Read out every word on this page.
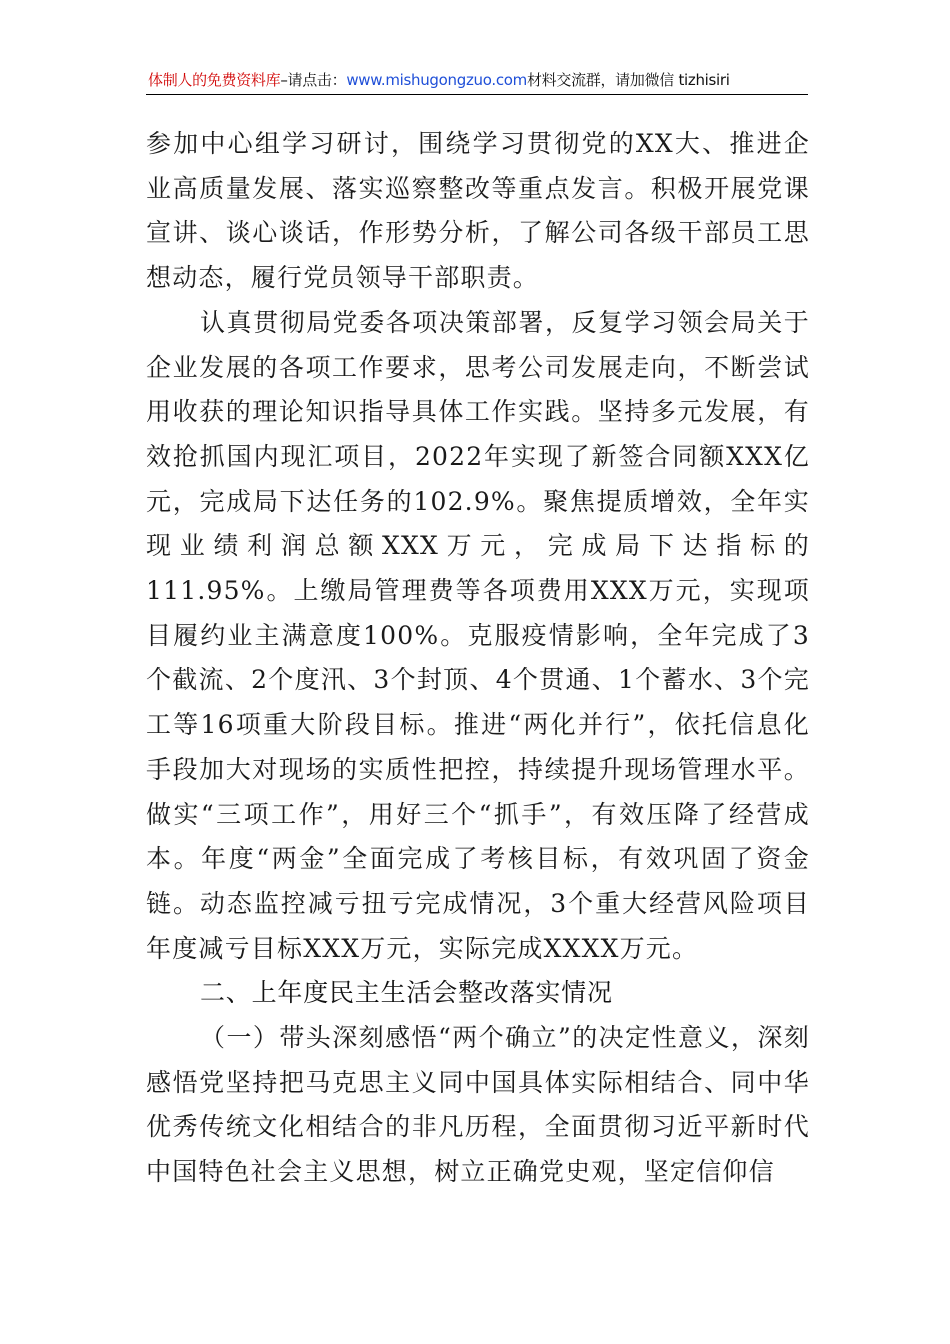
体制人的免费资料库–请点击：www.mishugongzuo.com材料交流群，请加微信 tizhisiri

参加中心组学习研讨，围绕学习贯彻党的XX大、推进企业高质量发展、落实巡察整改等重点发言。积极开展党课宣讲、谈心谈话，作形势分析，了解公司各级干部员工思想动态，履行党员领导干部职责。

认真贯彻局党委各项决策部署，反复学习领会局关于企业发展的各项工作要求，思考公司发展走向，不断尝试用收获的理论知识指导具体工作实践。坚持多元发展，有效抢抓国内现汇项目，2022年实现了新签合同额XXX亿元，完成局下达任务的102.9%。聚焦提质增效，全年实现业绩利润总额XXX万元，完成局下达指标的111.95%。上缴局管理费等各项费用XXX万元，实现项目履约业主满意度100%。克服疫情影响，全年完成了3个截流、2个度汛、3个封顶、4个贯通、1个蓄水、3个完工等16项重大阶段目标。推进“两化并行”，依托信息化手段加大对现场的实质性把控，持续提升现场管理水平。做实“三项工作”，用好三个“抓手”，有效压降了经营成本。年度“两金”全面完成了考核目标，有效巩固了资金链。动态监控减亏扭亏完成情况，3个重大经营风险项目年度减亏目标XXX万元，实际完成XXXX万元。

二、上年度民主生活会整改落实情况

（一）带头深刻感悟“两个确立”的决定性意义，深刻感悟党坚持把马克思主义同中国具体实际相结合、同中华优秀传统文化相结合的非凡历程，全面贯彻习近平新时代中国特色社会主义思想，树立正确党史观，坚定信仰信
